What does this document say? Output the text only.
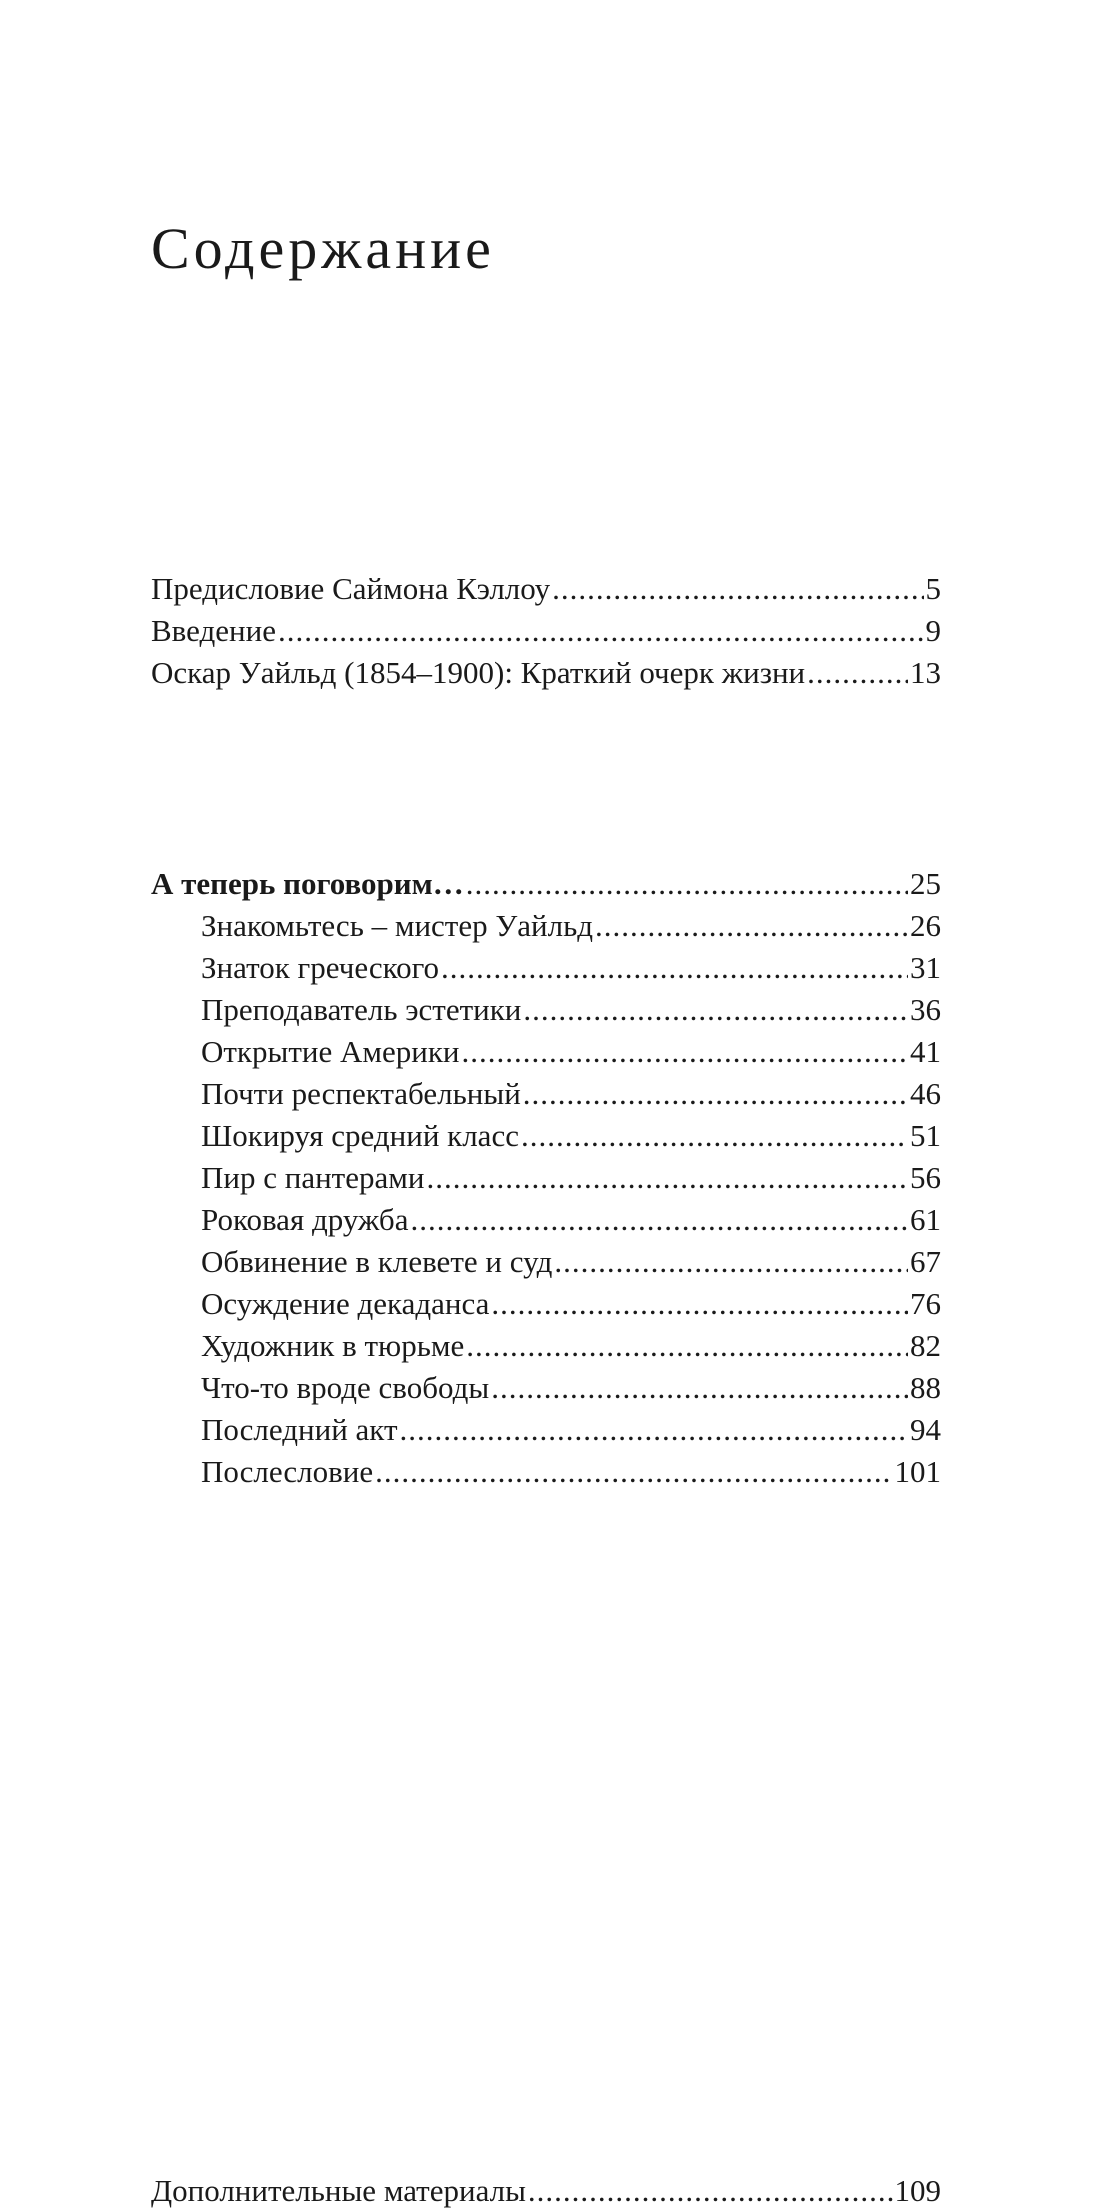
Содержание
Предисловие Саймона Кэллоу .....	5
Введение .....	9
Оскар Уайльд (1854–1900): Краткий очерк жизни .....	13
А теперь поговорим… .....	25
Знакомьтесь – мистер Уайльд .....	26
Знаток греческого .....	31
Преподаватель эстетики .....	36
Открытие Америки .....	41
Почти респектабельный .....	46
Шокируя средний класс .....	51
Пир с пантерами .....	56
Роковая дружба .....	61
Обвинение в клевете и суд .....	67
Осуждение декаданса .....	76
Художник в тюрьме .....	82
Что-то вроде свободы .....	88
Последний акт .....	94
Послесловие .....	101
Дополнительные материалы .....	109
